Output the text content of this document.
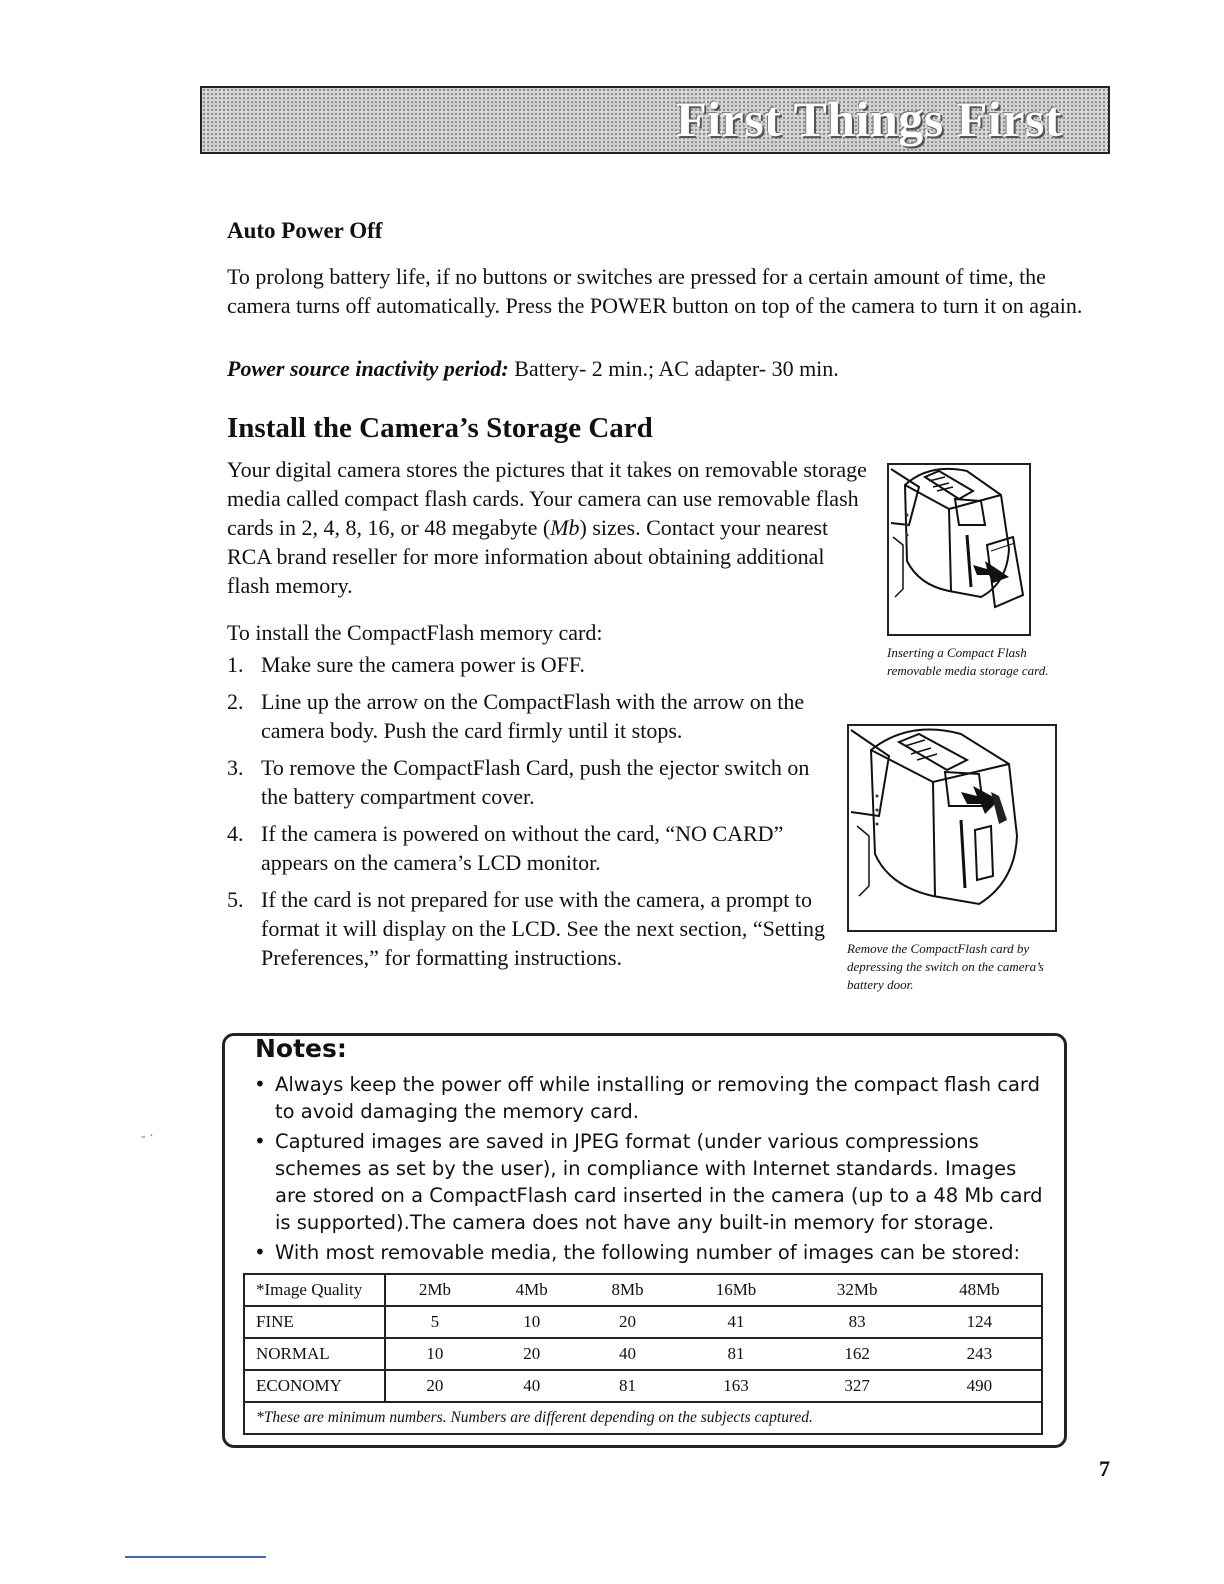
First Things First
Auto Power Off

To prolong battery life, if no buttons or switches are pressed for a certain amount of time, the camera turns off automatically. Press the POWER button on top of the camera to turn it on again.

Power source inactivity period: Battery- 2 min.; AC adapter- 30 min.

Install the Camera’s Storage Card

Your digital camera stores the pictures that it takes on removable storage media called compact flash cards. Your camera can use removable flash cards in 2, 4, 8, 16, or 48 megabyte (Mb) sizes. Contact your nearest RCA brand reseller for more information about obtaining additional flash memory.

To install the CompactFlash memory card:

1. Make sure the camera power is OFF.
2. Line up the arrow on the CompactFlash with the arrow on the camera body. Push the card firmly until it stops.
3. To remove the CompactFlash Card, push the ejector switch on the battery compartment cover.
4. If the camera is powered on without the card, “NO CARD” appears on the camera’s LCD monitor.
5. If the card is not prepared for use with the camera, a prompt to format it will display on the LCD. See the next section, “Setting Preferences,” for formatting instructions.

Inserting a Compact Flash removable media storage card.

Remove the CompactFlash card by depressing the switch on the camera’s battery door.

Notes:
• Always keep the power off while installing or removing the compact flash card to avoid damaging the memory card.
• Captured images are saved in JPEG format (under various compressions schemes as set by the user), in compliance with Internet standards. Images are stored on a CompactFlash card inserted in the camera (up to a 48 Mb card is supported).The camera does not have any built-in memory for storage.
• With most removable media, the following number of images can be stored:
*Image Quality	2Mb	4Mb	8Mb	16Mb	32Mb	48Mb
FINE	5	10	20	41	83	124
NORMAL	10	20	40	81	162	243
ECONOMY	20	40	81	163	327	490
*These are minimum numbers. Numbers are different depending on the subjects captured.						
7
- ·
